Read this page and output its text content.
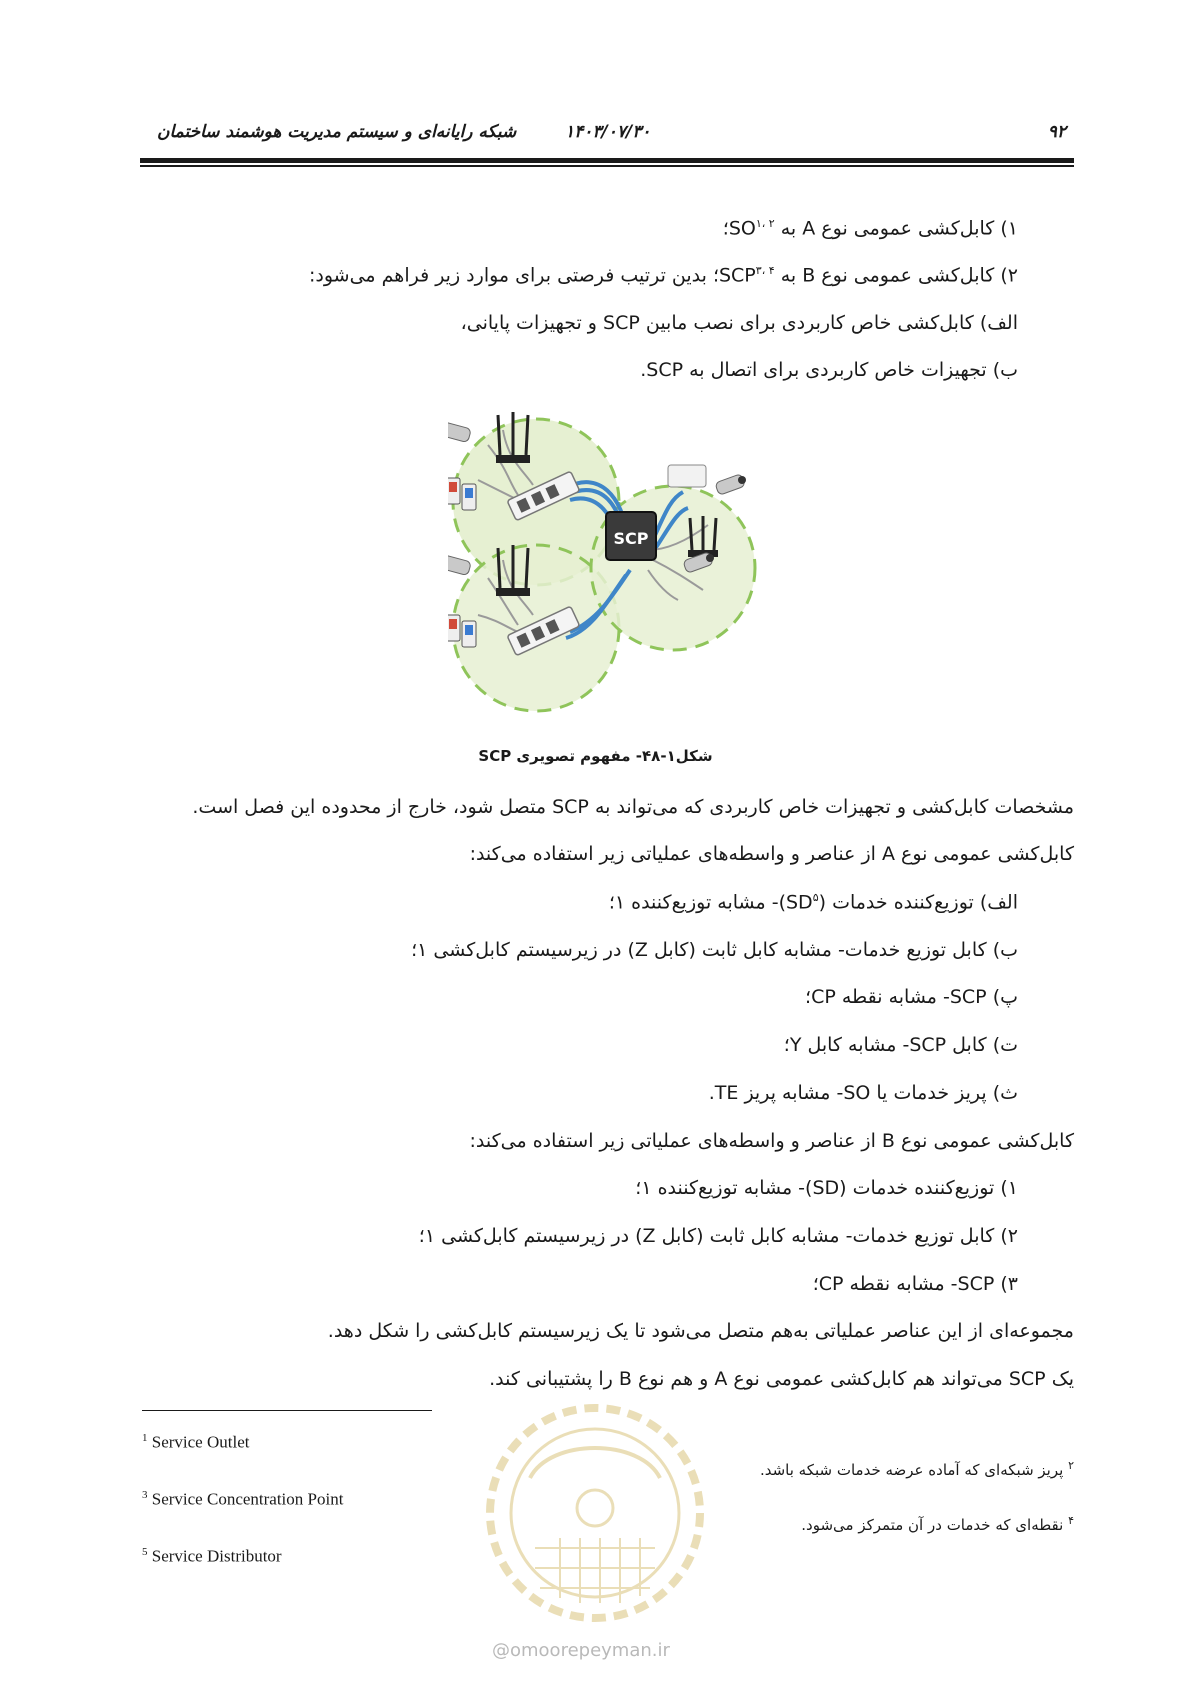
۹۲
۱۴۰۳/۰۷/۳۰
شبکه رایانه‌ای و سیستم مدیریت هوشمند ساختمان
۱) کابل‌کشی عمومی نوع A به $SO^{۱، ۲}؛$
۲) کابل‌کشی عمومی نوع B به $SCP^{۳، ۴}؛$ بدین ترتیب فرصتی برای موارد زیر فراهم می‌شود:
الف) کابل‌کشی خاص کاربردی برای نصب مابین SCP و تجهیزات پایانی،
ب) تجهیزات خاص کاربردی برای اتصال به SCP.
SCP
شکل۱-۴۸- مفهوم تصویری SCP
مشخصات کابل‌کشی و تجهیزات خاص کاربردی که می‌تواند به SCP متصل شود، خارج از محدوده این فصل است.
کابل‌کشی عمومی نوع A از عناصر و واسطه‌های عملیاتی زیر استفاده می‌کند:
الف) توزیع‌کننده خدمات $(SD^۵)-$ مشابه توزیع‌کننده ۱؛
ب) کابل توزیع خدمات- مشابه کابل ثابت (کابل Z) در زیرسیستم کابل‌کشی ۱؛
پ) SCP- مشابه نقطه CP؛
ت) کابل SCP- مشابه کابل Y؛
ث) پریز خدمات یا SO- مشابه پریز TE.
کابل‌کشی عمومی نوع B از عناصر و واسطه‌های عملیاتی زیر استفاده می‌کند:
۱) توزیع‌کننده خدمات (SD)- مشابه توزیع‌کننده ۱؛
۲) کابل توزیع خدمات- مشابه کابل ثابت (کابل Z) در زیرسیستم کابل‌کشی ۱؛
۳) SCP- مشابه نقطه CP؛
مجموعه‌ای از این عناصر عملیاتی به‌هم متصل می‌شود تا یک زیرسیستم کابل‌کشی را شکل دهد.
یک SCP می‌تواند هم کابل‌کشی عمومی نوع A و هم نوع B را پشتیبانی کند.
@omoorepeyman.ir
$^1$ Service Outlet
$^3$ Service Concentration Point
$^5$ Service Distributor
$^۲$ پریز شبکه‌ای که آماده عرضه خدمات شبکه باشد.
$^۴$ نقطه‌ای که خدمات در آن متمرکز می‌شود.
